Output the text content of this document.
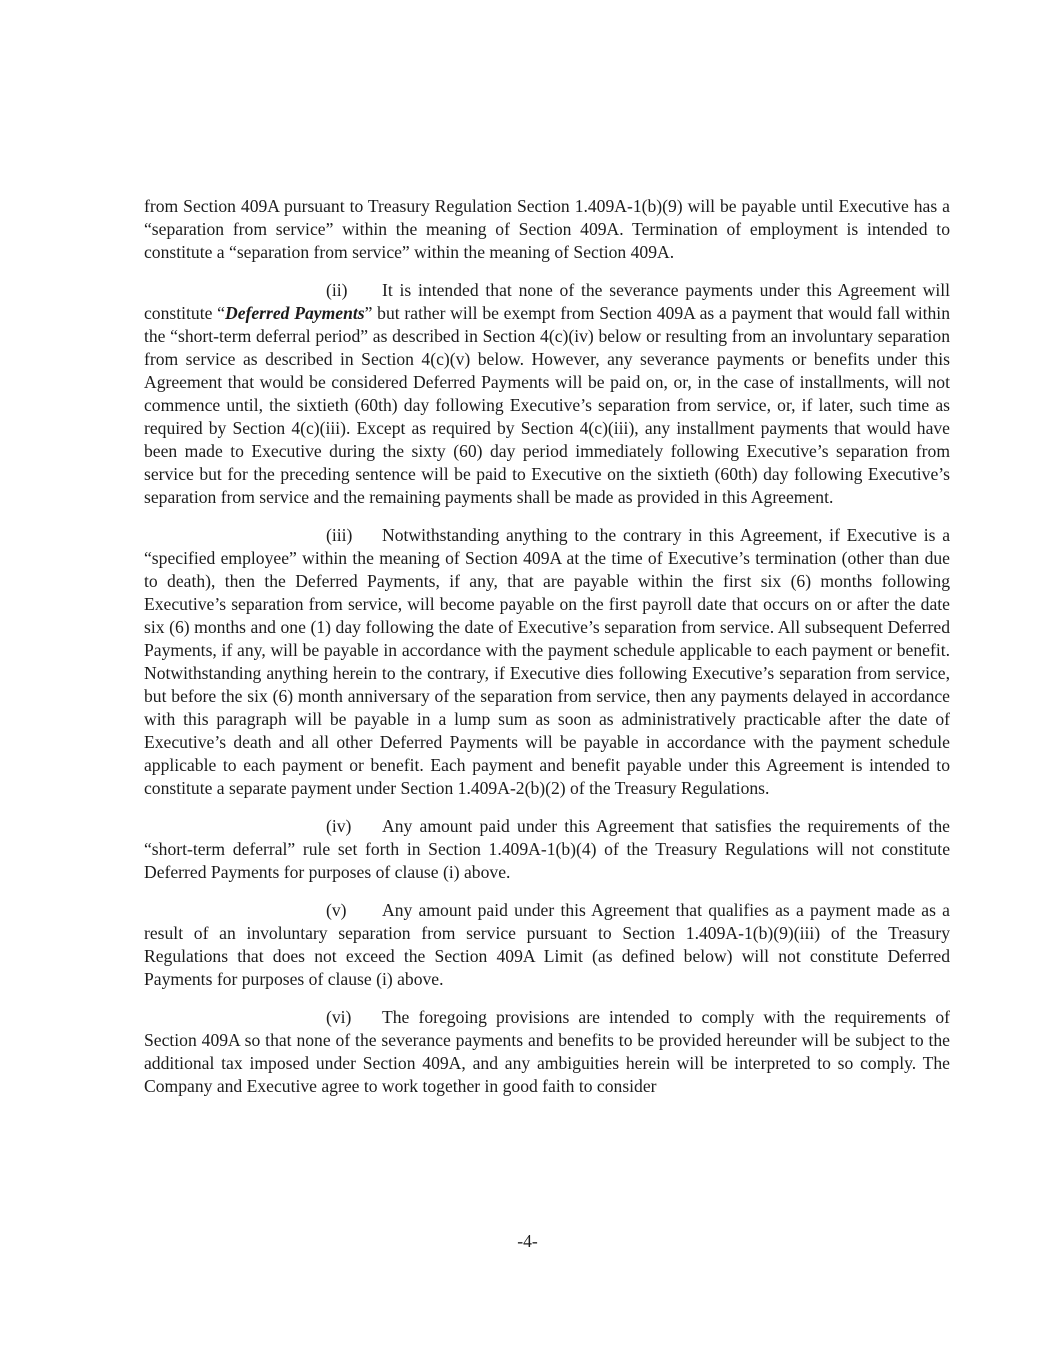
from Section 409A pursuant to Treasury Regulation Section 1.409A-1(b)(9) will be payable until Executive has a “separation from service” within the meaning of Section 409A. Termination of employment is intended to constitute a “separation from service” within the meaning of Section 409A.

(ii) It is intended that none of the severance payments under this Agreement will constitute “Deferred Payments” but rather will be exempt from Section 409A as a payment that would fall within the “short-term deferral period” as described in Section 4(c)(iv) below or resulting from an involuntary separation from service as described in Section 4(c)(v) below. However, any severance payments or benefits under this Agreement that would be considered Deferred Payments will be paid on, or, in the case of installments, will not commence until, the sixtieth (60th) day following Executive’s separation from service, or, if later, such time as required by Section 4(c)(iii). Except as required by Section 4(c)(iii), any installment payments that would have been made to Executive during the sixty (60) day period immediately following Executive’s separation from service but for the preceding sentence will be paid to Executive on the sixtieth (60th) day following Executive’s separation from service and the remaining payments shall be made as provided in this Agreement.

(iii) Notwithstanding anything to the contrary in this Agreement, if Executive is a “specified employee” within the meaning of Section 409A at the time of Executive’s termination (other than due to death), then the Deferred Payments, if any, that are payable within the first six (6) months following Executive’s separation from service, will become payable on the first payroll date that occurs on or after the date six (6) months and one (1) day following the date of Executive’s separation from service. All subsequent Deferred Payments, if any, will be payable in accordance with the payment schedule applicable to each payment or benefit. Notwithstanding anything herein to the contrary, if Executive dies following Executive’s separation from service, but before the six (6) month anniversary of the separation from service, then any payments delayed in accordance with this paragraph will be payable in a lump sum as soon as administratively practicable after the date of Executive’s death and all other Deferred Payments will be payable in accordance with the payment schedule applicable to each payment or benefit. Each payment and benefit payable under this Agreement is intended to constitute a separate payment under Section 1.409A-2(b)(2) of the Treasury Regulations.

(iv) Any amount paid under this Agreement that satisfies the requirements of the “short-term deferral” rule set forth in Section 1.409A-1(b)(4) of the Treasury Regulations will not constitute Deferred Payments for purposes of clause (i) above.

(v) Any amount paid under this Agreement that qualifies as a payment made as a result of an involuntary separation from service pursuant to Section 1.409A-1(b)(9)(iii) of the Treasury Regulations that does not exceed the Section 409A Limit (as defined below) will not constitute Deferred Payments for purposes of clause (i) above.

(vi) The foregoing provisions are intended to comply with the requirements of Section 409A so that none of the severance payments and benefits to be provided hereunder will be subject to the additional tax imposed under Section 409A, and any ambiguities herein will be interpreted to so comply. The Company and Executive agree to work together in good faith to consider

-4-
